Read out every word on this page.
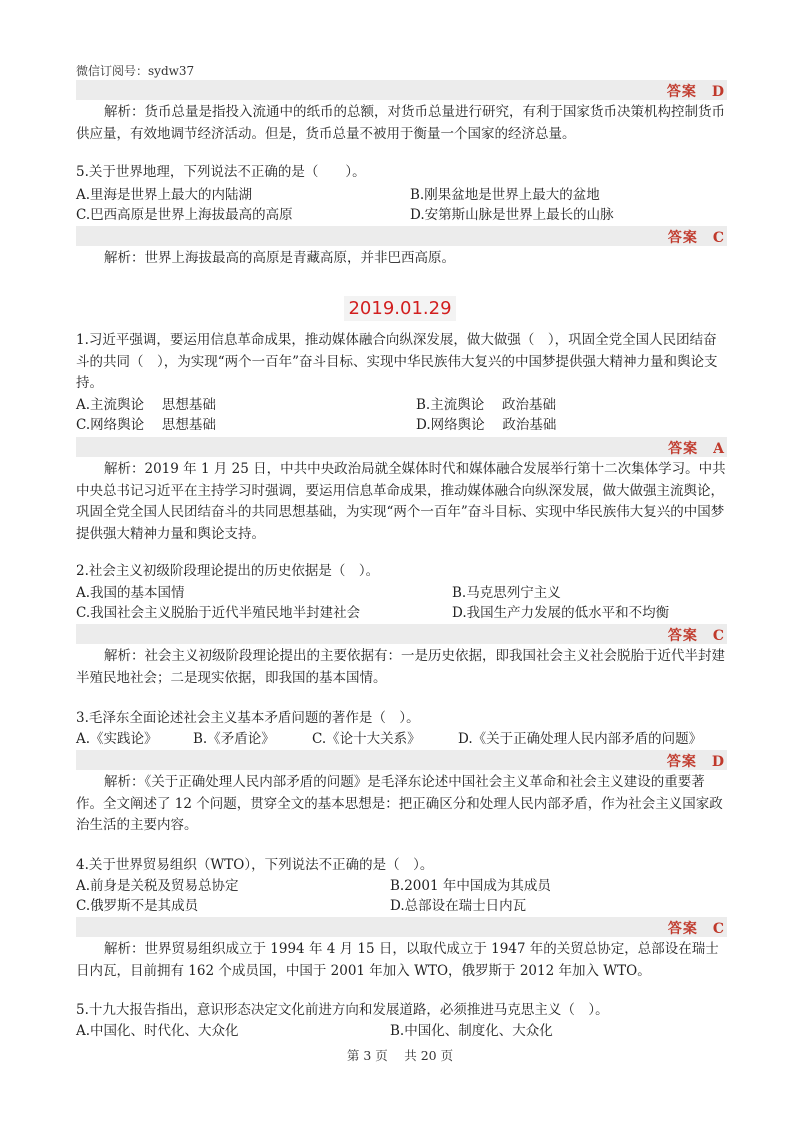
微信订阅号：sydw37
答案　 D
解析：货币总量是指投入流通中的纸币的总额，对货币总量进行研究，有利于国家货币决策机构控制货币供应量，有效地调节经济活动。但是，货币总量不被用于衡量一个国家的经济总量。
5.关于世界地理，下列说法不正确的是（　　）。
A.里海是世界上最大的内陆湖	B.刚果盆地是世界上最大的盆地
C.巴西高原是世界上海拔最高的高原	D.安第斯山脉是世界上最长的山脉
答案　 C
解析：世界上海拔最高的高原是青藏高原，并非巴西高原。
2019.01.29
1.习近平强调，要运用信息革命成果，推动媒体融合向纵深发展，做大做强（　），巩固全党全国人民团结奋斗的共同（　），为实现“两个一百年”奋斗目标、实现中华民族伟大复兴的中国梦提供强大精神力量和舆论支持。
A.主流舆论　 思想基础	B.主流舆论　 政治基础
C.网络舆论　 思想基础	D.网络舆论　 政治基础
答案　 A
解析：2019 年 1 月 25 日，中共中央政治局就全媒体时代和媒体融合发展举行第十二次集体学习。中共中央总书记习近平在主持学习时强调，要运用信息革命成果，推动媒体融合向纵深发展，做大做强主流舆论，巩固全党全国人民团结奋斗的共同思想基础，为实现“两个一百年”奋斗目标、实现中华民族伟大复兴的中国梦提供强大精神力量和舆论支持。
2.社会主义初级阶段理论提出的历史依据是（　）。
A.我国的基本国情	B.马克思列宁主义
C.我国社会主义脱胎于近代半殖民地半封建社会	D.我国生产力发展的低水平和不均衡
答案　 C
解析：社会主义初级阶段理论提出的主要依据有：一是历史依据，即我国社会主义社会脱胎于近代半封建半殖民地社会；二是现实依据，即我国的基本国情。
3.毛泽东全面论述社会主义基本矛盾问题的著作是（　）。
A.《实践论》	B.《矛盾论》	C.《论十大关系》	D.《关于正确处理人民内部矛盾的问题》
答案　 D
解析：《关于正确处理人民内部矛盾的问题》是毛泽东论述中国社会主义革命和社会主义建设的重要著作。全文阐述了 12 个问题，贯穿全文的基本思想是：把正确区分和处理人民内部矛盾，作为社会主义国家政治生活的主要内容。
4.关于世界贸易组织（WTO），下列说法不正确的是（　）。
A.前身是关税及贸易总协定	B.2001 年中国成为其成员
C.俄罗斯不是其成员	D.总部设在瑞士日内瓦
答案　 C
解析：世界贸易组织成立于 1994 年 4 月 15 日，以取代成立于 1947 年的关贸总协定，总部设在瑞士日内瓦，目前拥有 162 个成员国，中国于 2001 年加入 WTO，俄罗斯于 2012 年加入 WTO。
5.十九大报告指出，意识形态决定文化前进方向和发展道路，必须推进马克思主义（　）。
A.中国化、时代化、大众化	B.中国化、制度化、大众化
第 3 页　 共 20 页
